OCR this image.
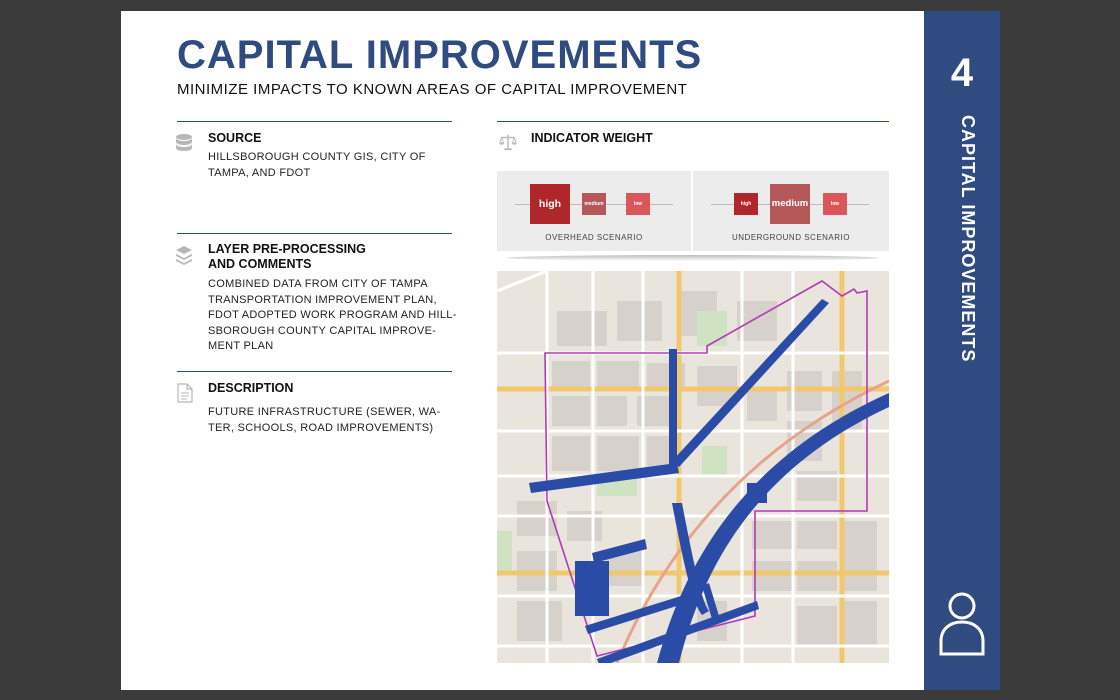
CAPITAL IMPROVEMENTS

MINIMIZE IMPACTS TO KNOWN AREAS OF CAPITAL IMPROVEMENT

SOURCE
HILLSBOROUGH COUNTY GIS, CITY OF
TAMPA, AND FDOT
LAYER PRE-PROCESSING
AND COMMENTS
COMBINED DATA FROM CITY OF TAMPA
TRANSPORTATION IMPROVEMENT PLAN,
FDOT ADOPTED WORK PROGRAM AND HILL-
SBOROUGH COUNTY CAPITAL IMPROVE-
MENT PLAN
DESCRIPTION
FUTURE INFRASTRUCTURE (SEWER, WA-
TER, SCHOOLS, ROAD IMPROVEMENTS)
INDICATOR WEIGHT
high	medium	low
OVERHEAD SCENARIO
high	medium	low
UNDERGROUND SCENARIO
4
CAPITAL IMPROVEMENTS
